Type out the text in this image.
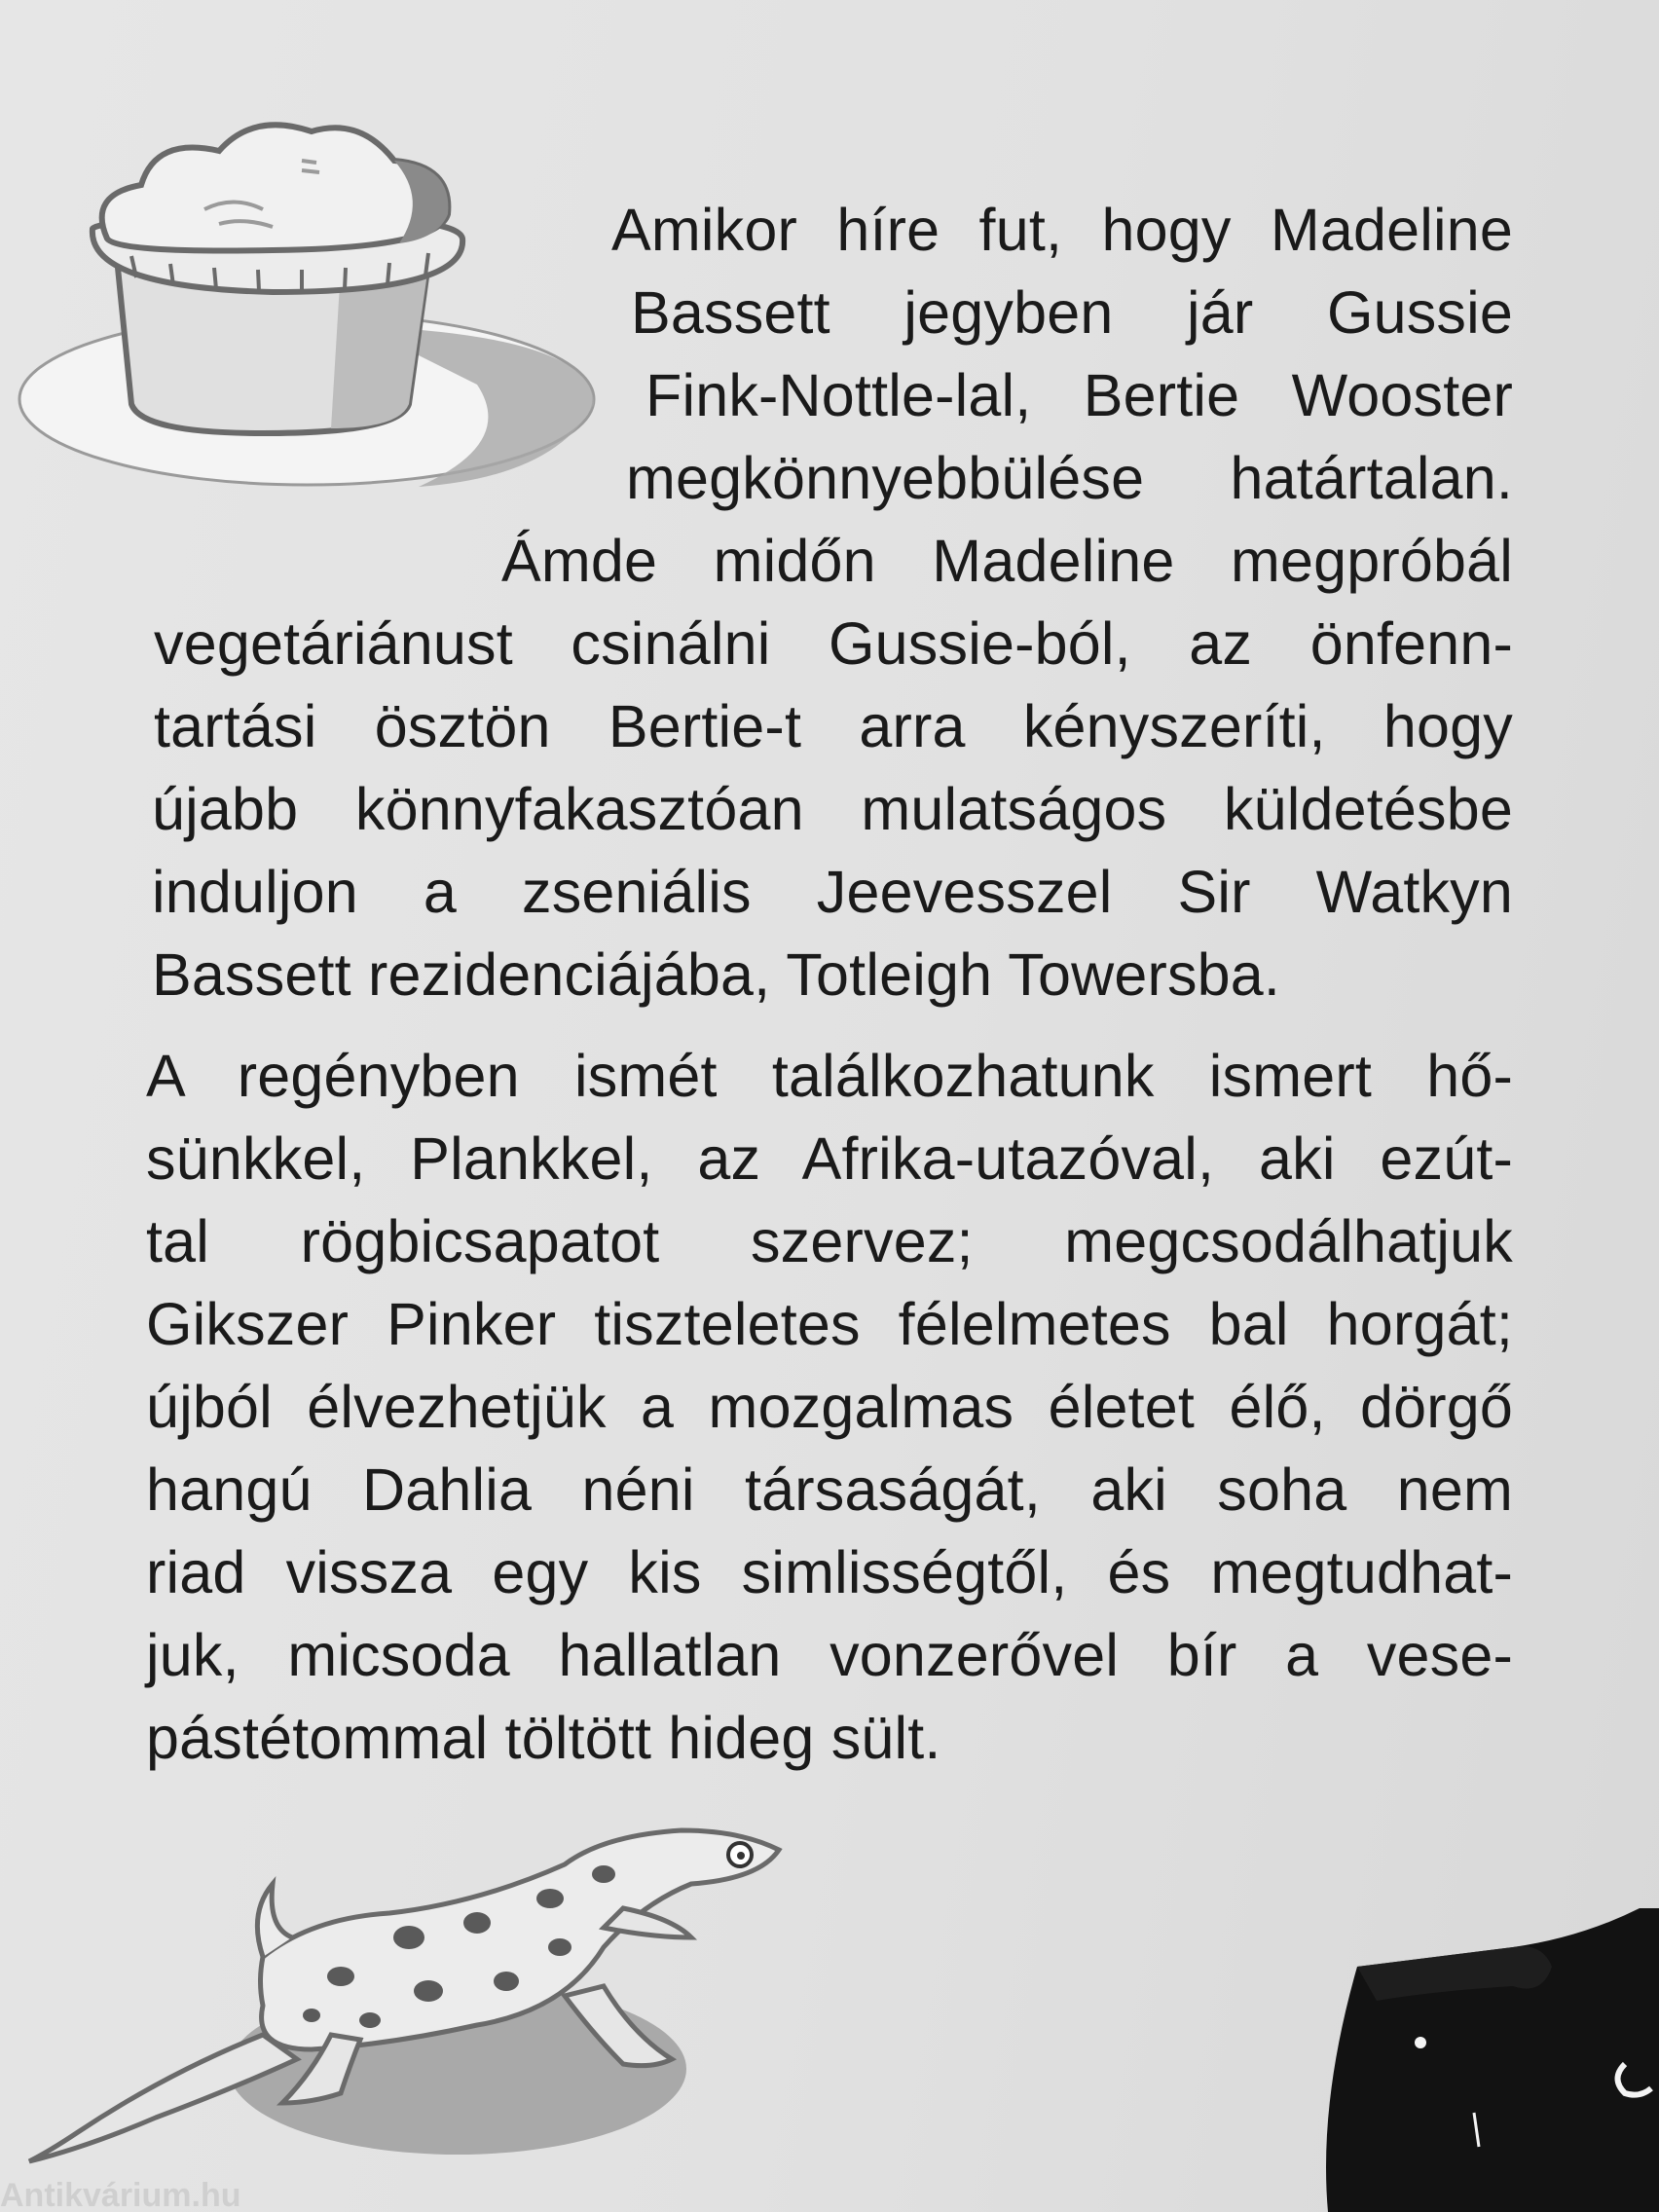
Amikor híre fut, hogy Madeline
Bassett jegyben jár Gussie
Fink-Nottle-lal, Bertie Wooster
megkönnyebbülése határtalan.
Ámde midőn Madeline megpróbál
vegetáriánust csinálni Gussie-ból, az önfenn-
tartási ösztön Bertie-t arra kényszeríti, hogy
újabb könnyfakasztóan mulatságos küldetésbe
induljon a zseniális Jeevesszel Sir Watkyn
Bassett rezidenciájába, Totleigh Towersba.
A regényben ismét találkozhatunk ismert hő-
sünkkel, Plankkel, az Afrika-utazóval, aki ezút-
tal rögbicsapatot szervez; megcsodálhatjuk
Gikszer Pinker tiszteletes félelmetes bal horgát;
újból élvezhetjük a mozgalmas életet élő, dörgő
hangú Dahlia néni társaságát, aki soha nem
riad vissza egy kis simlisségtől, és megtudhat-
juk, micsoda hallatlan vonzerővel bír a vese-
pástétommal töltött hideg sült.
Antikvárium.hu
